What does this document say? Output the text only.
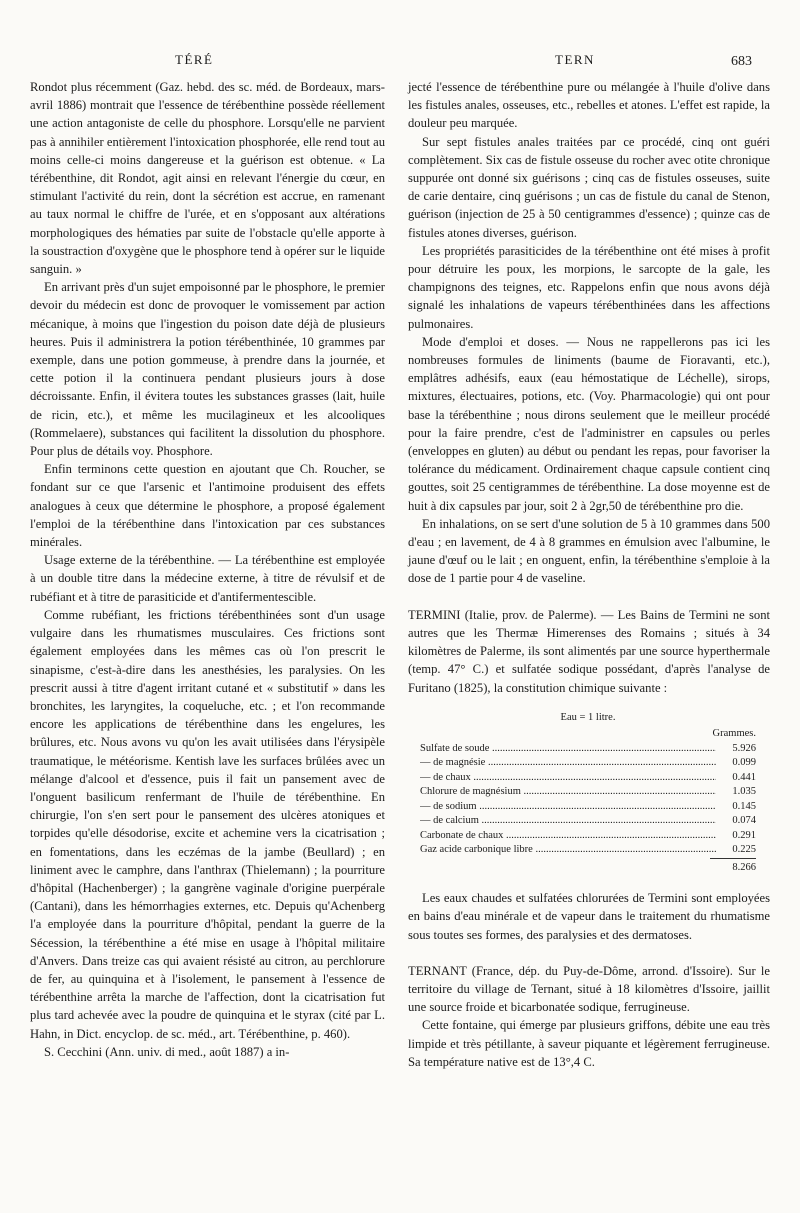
TÉRÉ	TERN	683

Rondot plus récemment (Gaz. hebd. des sc. méd. de Bordeaux, mars-avril 1886) montrait que l'essence de térébenthine possède réellement une action antagoniste de celle du phosphore. Lorsqu'elle ne parvient pas à annihiler entièrement l'intoxication phosphorée, elle rend tout au moins celle-ci moins dangereuse et la guérison est obtenue. « La térébenthine, dit Rondot, agit ainsi en relevant l'énergie du cœur, en stimulant l'activité du rein, dont la sécrétion est accrue, en ramenant au taux normal le chiffre de l'urée, et en s'opposant aux altérations morphologiques des hématies par suite de l'obstacle qu'elle apporte à la soustraction d'oxygène que le phosphore tend à opérer sur le liquide sanguin. »

En arrivant près d'un sujet empoisonné par le phosphore, le premier devoir du médecin est donc de provoquer le vomissement par action mécanique, à moins que l'ingestion du poison date déjà de plusieurs heures. Puis il administrera la potion térébenthinée, 10 grammes par exemple, dans une potion gommeuse, à prendre dans la journée, et cette potion il la continuera pendant plusieurs jours à dose décroissante. Enfin, il évitera toutes les substances grasses (lait, huile de ricin, etc.), et même les mucilagineux et les alcooliques (Rommelaere), substances qui facilitent la dissolution du phosphore. Pour plus de détails voy. Phosphore.

Enfin terminons cette question en ajoutant que Ch. Roucher, se fondant sur ce que l'arsenic et l'antimoine produisent des effets analogues à ceux que détermine le phosphore, a proposé également l'emploi de la térébenthine dans l'intoxication par ces substances minérales.

Usage externe de la térébenthine. — La térébenthine est employée à un double titre dans la médecine externe, à titre de révulsif et de rubéfiant et à titre de parasiticide et d'antifermentescible.

Comme rubéfiant, les frictions térébenthinées sont d'un usage vulgaire dans les rhumatismes musculaires. Ces frictions sont également employées dans les mêmes cas où l'on prescrit le sinapisme, c'est-à-dire dans les anesthésies, les paralysies. On les prescrit aussi à titre d'agent irritant cutané et « substitutif » dans les bronchites, les laryngites, la coqueluche, etc. ; et l'on recommande encore les applications de térébenthine dans les engelures, les brûlures, etc. Nous avons vu qu'on les avait utilisées dans l'érysipèle traumatique, le météorisme. Kentish lave les surfaces brûlées avec un mélange d'alcool et d'essence, puis il fait un pansement avec de l'onguent basilicum renfermant de l'huile de térébenthine. En chirurgie, l'on s'en sert pour le pansement des ulcères atoniques et torpides qu'elle désodorise, excite et achemine vers la cicatrisation ; en fomentations, dans les eczémas de la jambe (Beullard) ; en liniment avec le camphre, dans l'anthrax (Thielemann) ; la pourriture d'hôpital (Hachenberger) ; la gangrène vaginale d'origine puerpérale (Cantani), dans les hémorrhagies externes, etc. Depuis qu'Achenberg l'a employée dans la pourriture d'hôpital, pendant la guerre de la Sécession, la térébenthine a été mise en usage à l'hôpital militaire d'Anvers. Dans treize cas qui avaient résisté au citron, au perchlorure de fer, au quinquina et à l'isolement, le pansement à l'essence de térébenthine arrêta la marche de l'affection, dont la cicatrisation fut plus tard achevée avec la poudre de quinquina et le styrax (cité par L. Hahn, in Dict. encyclop. de sc. méd., art. Térébenthine, p. 460).

S. Cecchini (Ann. univ. di med., août 1887) a in-

jecté l'essence de térébenthine pure ou mélangée à l'huile d'olive dans les fistules anales, osseuses, etc., rebelles et atones. L'effet est rapide, la douleur peu marquée.

Sur sept fistules anales traitées par ce procédé, cinq ont guéri complètement. Six cas de fistule osseuse du rocher avec otite chronique suppurée ont donné six guérisons ; cinq cas de fistules osseuses, suite de carie dentaire, cinq guérisons ; un cas de fistule du canal de Stenon, guérison (injection de 25 à 50 centigrammes d'essence) ; quinze cas de fistules atones diverses, guérison.

Les propriétés parasiticides de la térébenthine ont été mises à profit pour détruire les poux, les morpions, le sarcopte de la gale, les champignons des teignes, etc. Rappelons enfin que nous avons déjà signalé les inhalations de vapeurs térébenthinées dans les affections pulmonaires.

Mode d'emploi et doses. — Nous ne rappellerons pas ici les nombreuses formules de liniments (baume de Fioravanti, etc.), emplâtres adhésifs, eaux (eau hémostatique de Léchelle), sirops, mixtures, électuaires, potions, etc. (Voy. Pharmacologie) qui ont pour base la térébenthine ; nous dirons seulement que le meilleur procédé pour la faire prendre, c'est de l'administrer en capsules ou perles (enveloppes en gluten) au début ou pendant les repas, pour favoriser la tolérance du médicament. Ordinairement chaque capsule contient cinq gouttes, soit 25 centigrammes de térébenthine. La dose moyenne est de huit à dix capsules par jour, soit 2 à 2gr,50 de térébenthine pro die.

En inhalations, on se sert d'une solution de 5 à 10 grammes dans 500 d'eau ; en lavement, de 4 à 8 grammes en émulsion avec l'albumine, le jaune d'œuf ou le lait ; en onguent, enfin, la térébenthine s'emploie à la dose de 1 partie pour 4 de vaseline.

TERMINI (Italie, prov. de Palerme). — Les Bains de Termini ne sont autres que les Thermæ Himerenses des Romains ; situés à 34 kilomètres de Palerme, ils sont alimentés par une source hyperthermale (temp. 47° C.) et sulfatée sodique possédant, d'après l'analyse de Furitano (1825), la constitution chimique suivante :

Eau = 1 litre.
Grammes.
Sulfate de soude .....	5.926
— de magnésie .....	0.099
— de chaux .....	0.441
Chlorure de magnésium .....	1.035
— de sodium .....	0.145
— de calcium .....	0.074
Carbonate de chaux .....	0.291
Gaz acide carbonique libre .....	0.225
8.266

Les eaux chaudes et sulfatées chlorurées de Termini sont employées en bains d'eau minérale et de vapeur dans le traitement du rhumatisme sous toutes ses formes, des paralysies et des dermatoses.

TERNANT (France, dép. du Puy-de-Dôme, arrond. d'Issoire). Sur le territoire du village de Ternant, situé à 18 kilomètres d'Issoire, jaillit une source froide et bicarbonatée sodique, ferrugineuse.

Cette fontaine, qui émerge par plusieurs griffons, débite une eau très limpide et très pétillante, à saveur piquante et légèrement ferrugineuse. Sa température native est de 13°,4 C.
